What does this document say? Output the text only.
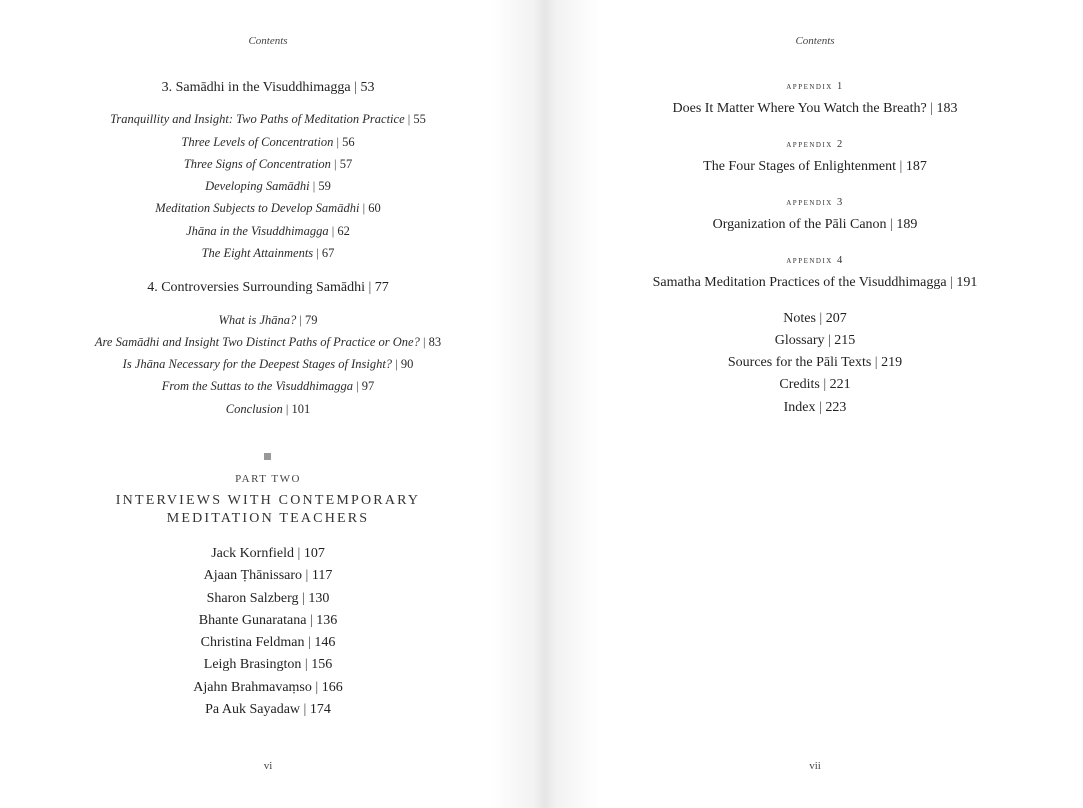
Contents
3. Samādhi in the Visuddhimagga | 53
Tranquillity and Insight: Two Paths of Meditation Practice | 55
Three Levels of Concentration | 56
Three Signs of Concentration | 57
Developing Samādhi | 59
Meditation Subjects to Develop Samādhi | 60
Jhāna in the Visuddhimagga | 62
The Eight Attainments | 67
4. Controversies Surrounding Samādhi | 77
What is Jhāna? | 79
Are Samādhi and Insight Two Distinct Paths of Practice or One? | 83
Is Jhāna Necessary for the Deepest Stages of Insight? | 90
From the Suttas to the Visuddhimagga | 97
Conclusion | 101
PART TWO
INTERVIEWS WITH CONTEMPORARY
MEDITATION TEACHERS
Jack Kornfield | 107
Ajaan Ṭhānissaro | 117
Sharon Salzberg | 130
Bhante Gunaratana | 136
Christina Feldman | 146
Leigh Brasington | 156
Ajahn Brahmavaṃso | 166
Pa Auk Sayadaw | 174
vi
Contents
appendix 1
Does It Matter Where You Watch the Breath? | 183
appendix 2
The Four Stages of Enlightenment | 187
appendix 3
Organization of the Pāli Canon | 189
appendix 4
Samatha Meditation Practices of the Visuddhimagga | 191
Notes | 207
Glossary | 215
Sources for the Pāli Texts | 219
Credits | 221
Index | 223
vii
